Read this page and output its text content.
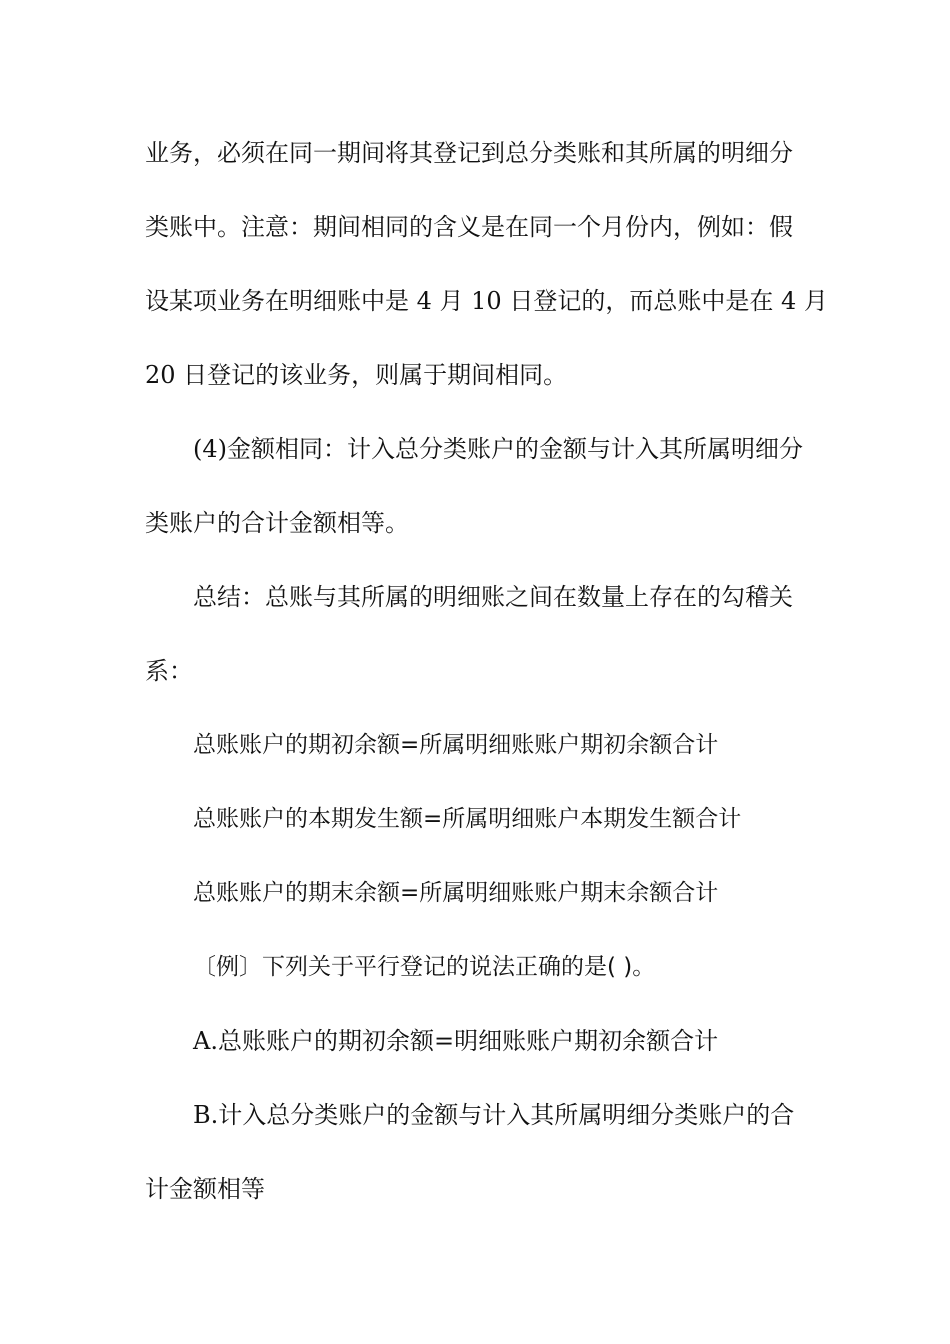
业务，必须在同一期间将其登记到总分类账和其所属的明细分
类账中。注意：期间相同的含义是在同一个月份内，例如：假
设某项业务在明细账中是 4 月 10 日登记的，而总账中是在 4 月
20 日登记的该业务，则属于期间相同。
(4)金额相同：计入总分类账户的金额与计入其所属明细分
类账户的合计金额相等。
总结：总账与其所属的明细账之间在数量上存在的勾稽关
系：
总账账户的期初余额=所属明细账账户期初余额合计
总账账户的本期发生额=所属明细账户本期发生额合计
总账账户的期末余额=所属明细账账户期末余额合计
〔例〕下列关于平行登记的说法正确的是( )。
A.总账账户的期初余额=明细账账户期初余额合计
B.计入总分类账户的金额与计入其所属明细分类账户的合
计金额相等
